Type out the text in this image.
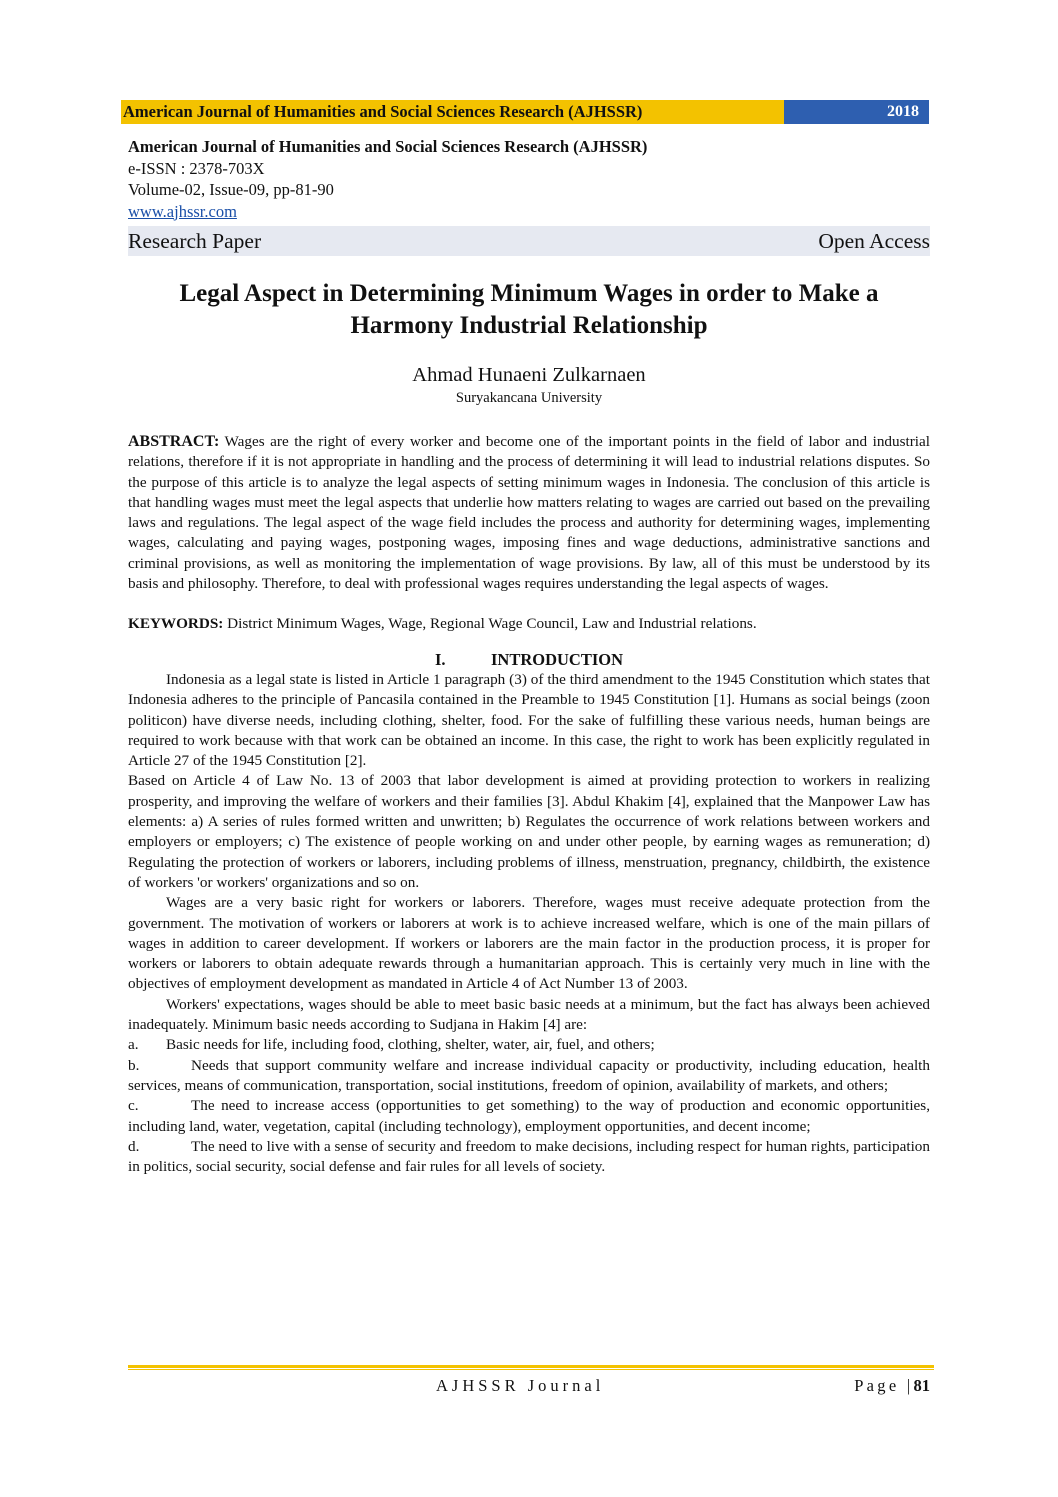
American Journal of Humanities and Social Sciences Research (AJHSSR)	2018
American Journal of Humanities and Social Sciences Research (AJHSSR)
e-ISSN : 2378-703X
Volume-02, Issue-09, pp-81-90
www.ajhssr.com
Research Paper	Open Access
Legal Aspect in Determining Minimum Wages in order to Make a
Harmony Industrial Relationship
Ahmad Hunaeni Zulkarnaen
Suryakancana University

ABSTRACT: Wages are the right of every worker and become one of the important points in the field of labor and industrial relations, therefore if it is not appropriate in handling and the process of determining it will lead to industrial relations disputes. So the purpose of this article is to analyze the legal aspects of setting minimum wages in Indonesia. The conclusion of this article is that handling wages must meet the legal aspects that underlie how matters relating to wages are carried out based on the prevailing laws and regulations. The legal aspect of the wage field includes the process and authority for determining wages, implementing wages, calculating and paying wages, postponing wages, imposing fines and wage deductions, administrative sanctions and criminal provisions, as well as monitoring the implementation of wage provisions. By law, all of this must be understood by its basis and philosophy. Therefore, to deal with professional wages requires understanding the legal aspects of wages.

KEYWORDS: District Minimum Wages, Wage, Regional Wage Council, Law and Industrial relations.

I.	INTRODUCTION

Indonesia as a legal state is listed in Article 1 paragraph (3) of the third amendment to the 1945 Constitution which states that Indonesia adheres to the principle of Pancasila contained in the Preamble to 1945 Constitution [1]. Humans as social beings (zoon politicon) have diverse needs, including clothing, shelter, food. For the sake of fulfilling these various needs, human beings are required to work because with that work can be obtained an income. In this case, the right to work has been explicitly regulated in Article 27 of the 1945 Constitution [2].

Based on Article 4 of Law No. 13 of 2003 that labor development is aimed at providing protection to workers in realizing prosperity, and improving the welfare of workers and their families [3]. Abdul Khakim [4], explained that the Manpower Law has elements: a) A series of rules formed written and unwritten; b) Regulates the occurrence of work relations between workers and employers or employers; c) The existence of people working on and under other people, by earning wages as remuneration; d) Regulating the protection of workers or laborers, including problems of illness, menstruation, pregnancy, childbirth, the existence of workers 'or workers' organizations and so on.

Wages are a very basic right for workers or laborers. Therefore, wages must receive adequate protection from the government. The motivation of workers or laborers at work is to achieve increased welfare, which is one of the main pillars of wages in addition to career development. If workers or laborers are the main factor in the production process, it is proper for workers or laborers to obtain adequate rewards through a humanitarian approach. This is certainly very much in line with the objectives of employment development as mandated in Article 4 of Act Number 13 of 2003.

Workers' expectations, wages should be able to meet basic basic needs at a minimum, but the fact has always been achieved inadequately. Minimum basic needs according to Sudjana in Hakim [4] are:

a. Basic needs for life, including food, clothing, shelter, water, air, fuel, and others;

b.	Needs that support community welfare and increase individual capacity or productivity, including education, health services, means of communication, transportation, social institutions, freedom of opinion, availability of markets, and others;

c.	The need to increase access (opportunities to get something) to the way of production and economic opportunities, including land, water, vegetation, capital (including technology), employment opportunities, and decent income;

d.	The need to live with a sense of security and freedom to make decisions, including respect for human rights, participation in politics, social security, social defense and fair rules for all levels of society.

AJHSSR Journal	Page |81
